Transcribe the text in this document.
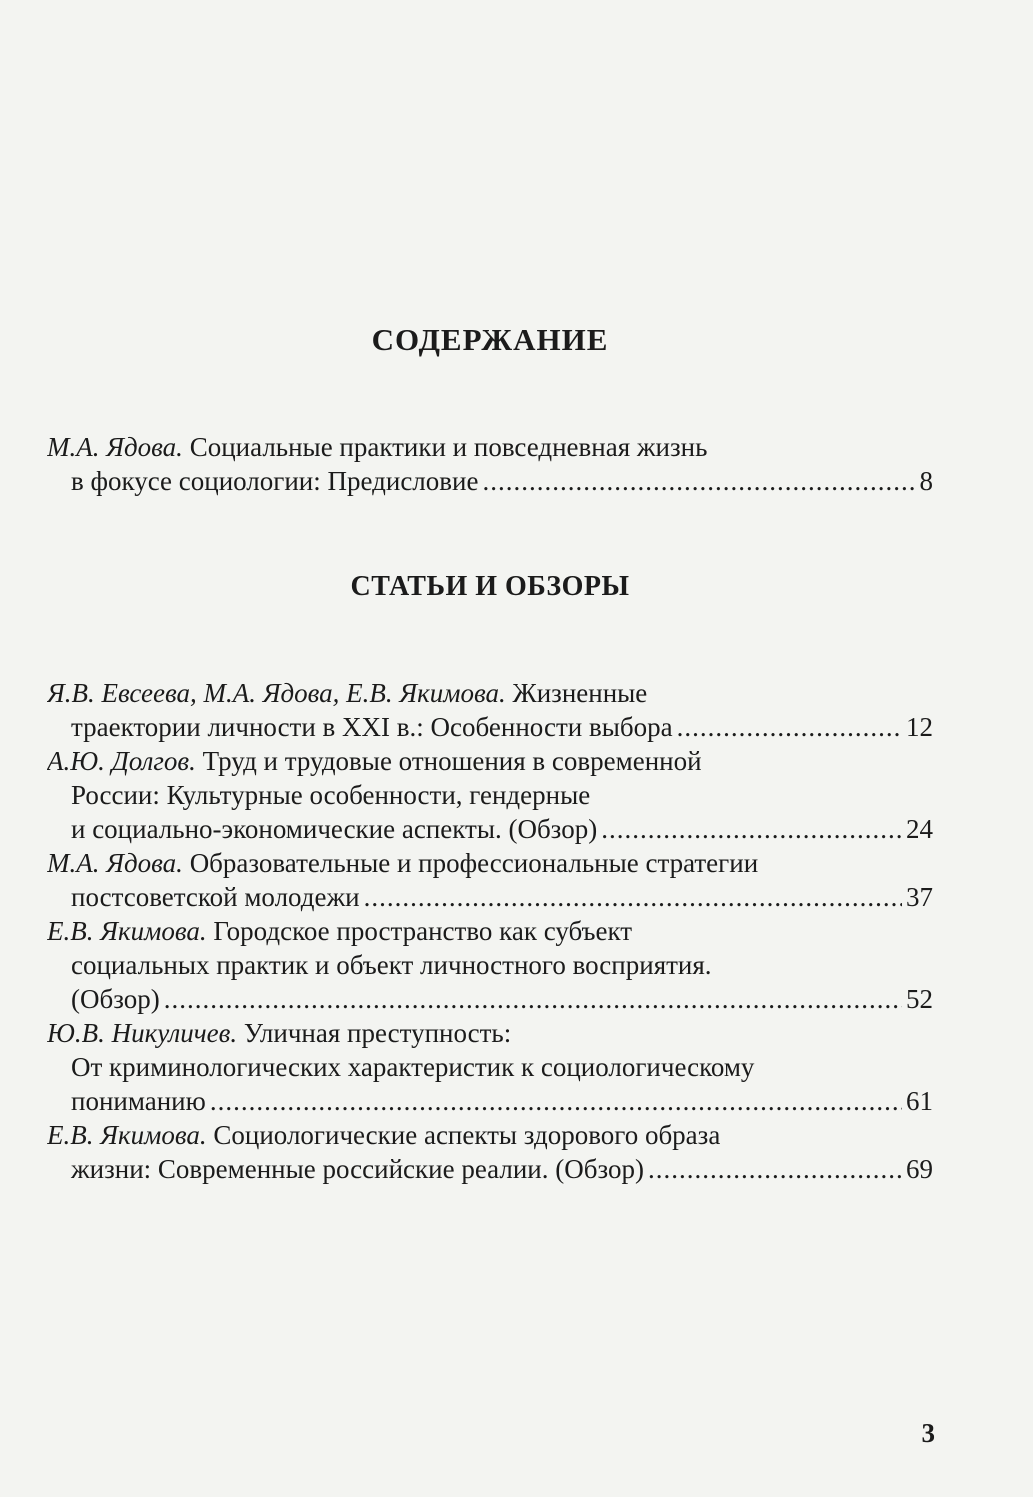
СОДЕРЖАНИЕ
М.А. Ядова. Социальные практики и повседневная жизнь
в фокусе социологии: Предисловие .....	8
СТАТЬИ И ОБЗОРЫ
Я.В. Евсеева, М.А. Ядова, Е.В. Якимова. Жизненные
траектории личности в XXI в.: Особенности выбора .....	12
А.Ю. Долгов. Труд и трудовые отношения в современной
России: Культурные особенности, гендерные
и социально-экономические аспекты. (Обзор) .....	24
М.А. Ядова. Образовательные и профессиональные стратегии
постсоветской молодежи .....	37
Е.В. Якимова. Городское пространство как субъект
социальных практик и объект личностного восприятия.
(Обзор) .....	52
Ю.В. Никуличев. Уличная преступность:
От криминологических характеристик к социологическому
пониманию .....	61
Е.В. Якимова. Социологические аспекты здорового образа
жизни: Современные российские реалии. (Обзор) .....	69
3
